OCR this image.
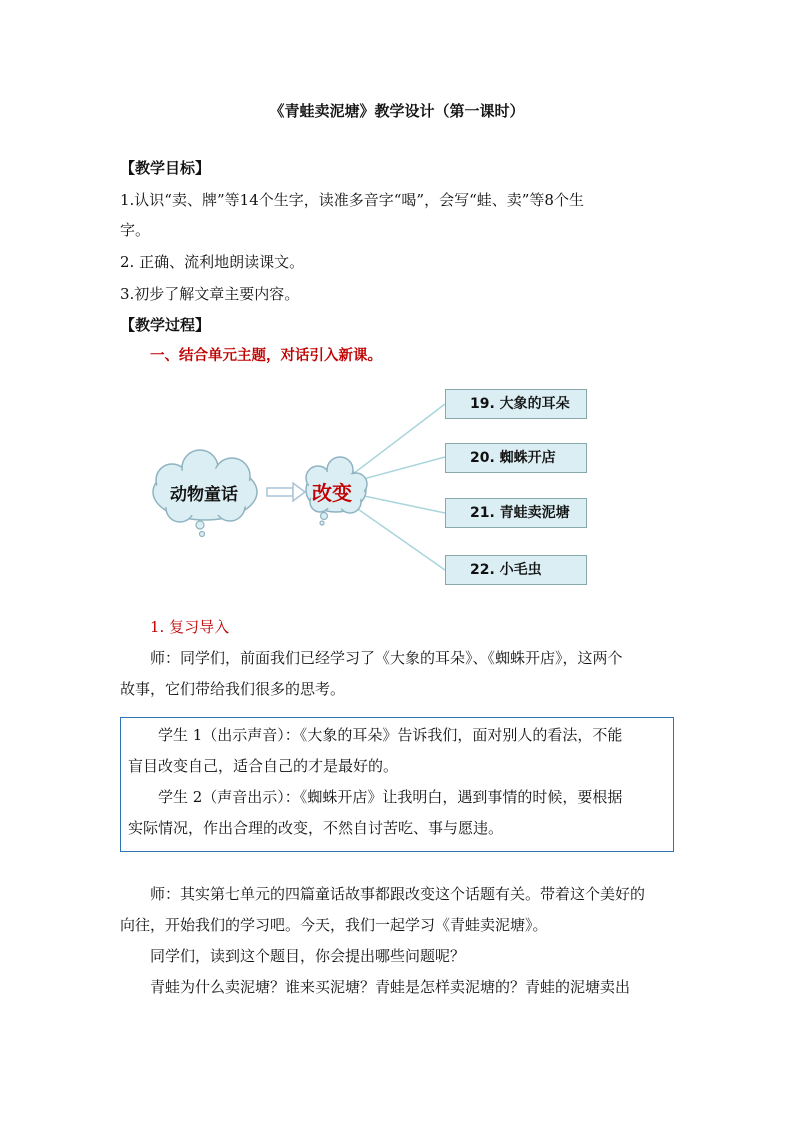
《青蛙卖泥塘》教学设计（第一课时）
【教学目标】
1.认识“卖、牌”等14个生字，读准多音字“喝”，会写“蛙、卖”等8个生
字。
2. 正确、流利地朗读课文。
3.初步了解文章主要内容。
【教学过程】
一、结合单元主题，对话引入新课。
动物童话	改变
19. 大象的耳朵
20. 蜘蛛开店
21. 青蛙卖泥塘
22. 小毛虫
1. 复习导入
师：同学们，前面我们已经学习了《大象的耳朵》、《蜘蛛开店》，这两个
故事，它们带给我们很多的思考。
学生 1（出示声音）：《大象的耳朵》告诉我们，面对别人的看法，不能
盲目改变自己，适合自己的才是最好的。
学生 2（声音出示）：《蜘蛛开店》让我明白，遇到事情的时候，要根据
实际情况，作出合理的改变，不然自讨苦吃、事与愿违。
师：其实第七单元的四篇童话故事都跟改变这个话题有关。带着这个美好的
向往，开始我们的学习吧。今天，我们一起学习《青蛙卖泥塘》。
同学们，读到这个题目，你会提出哪些问题呢？
青蛙为什么卖泥塘？谁来买泥塘？青蛙是怎样卖泥塘的？青蛙的泥塘卖出
